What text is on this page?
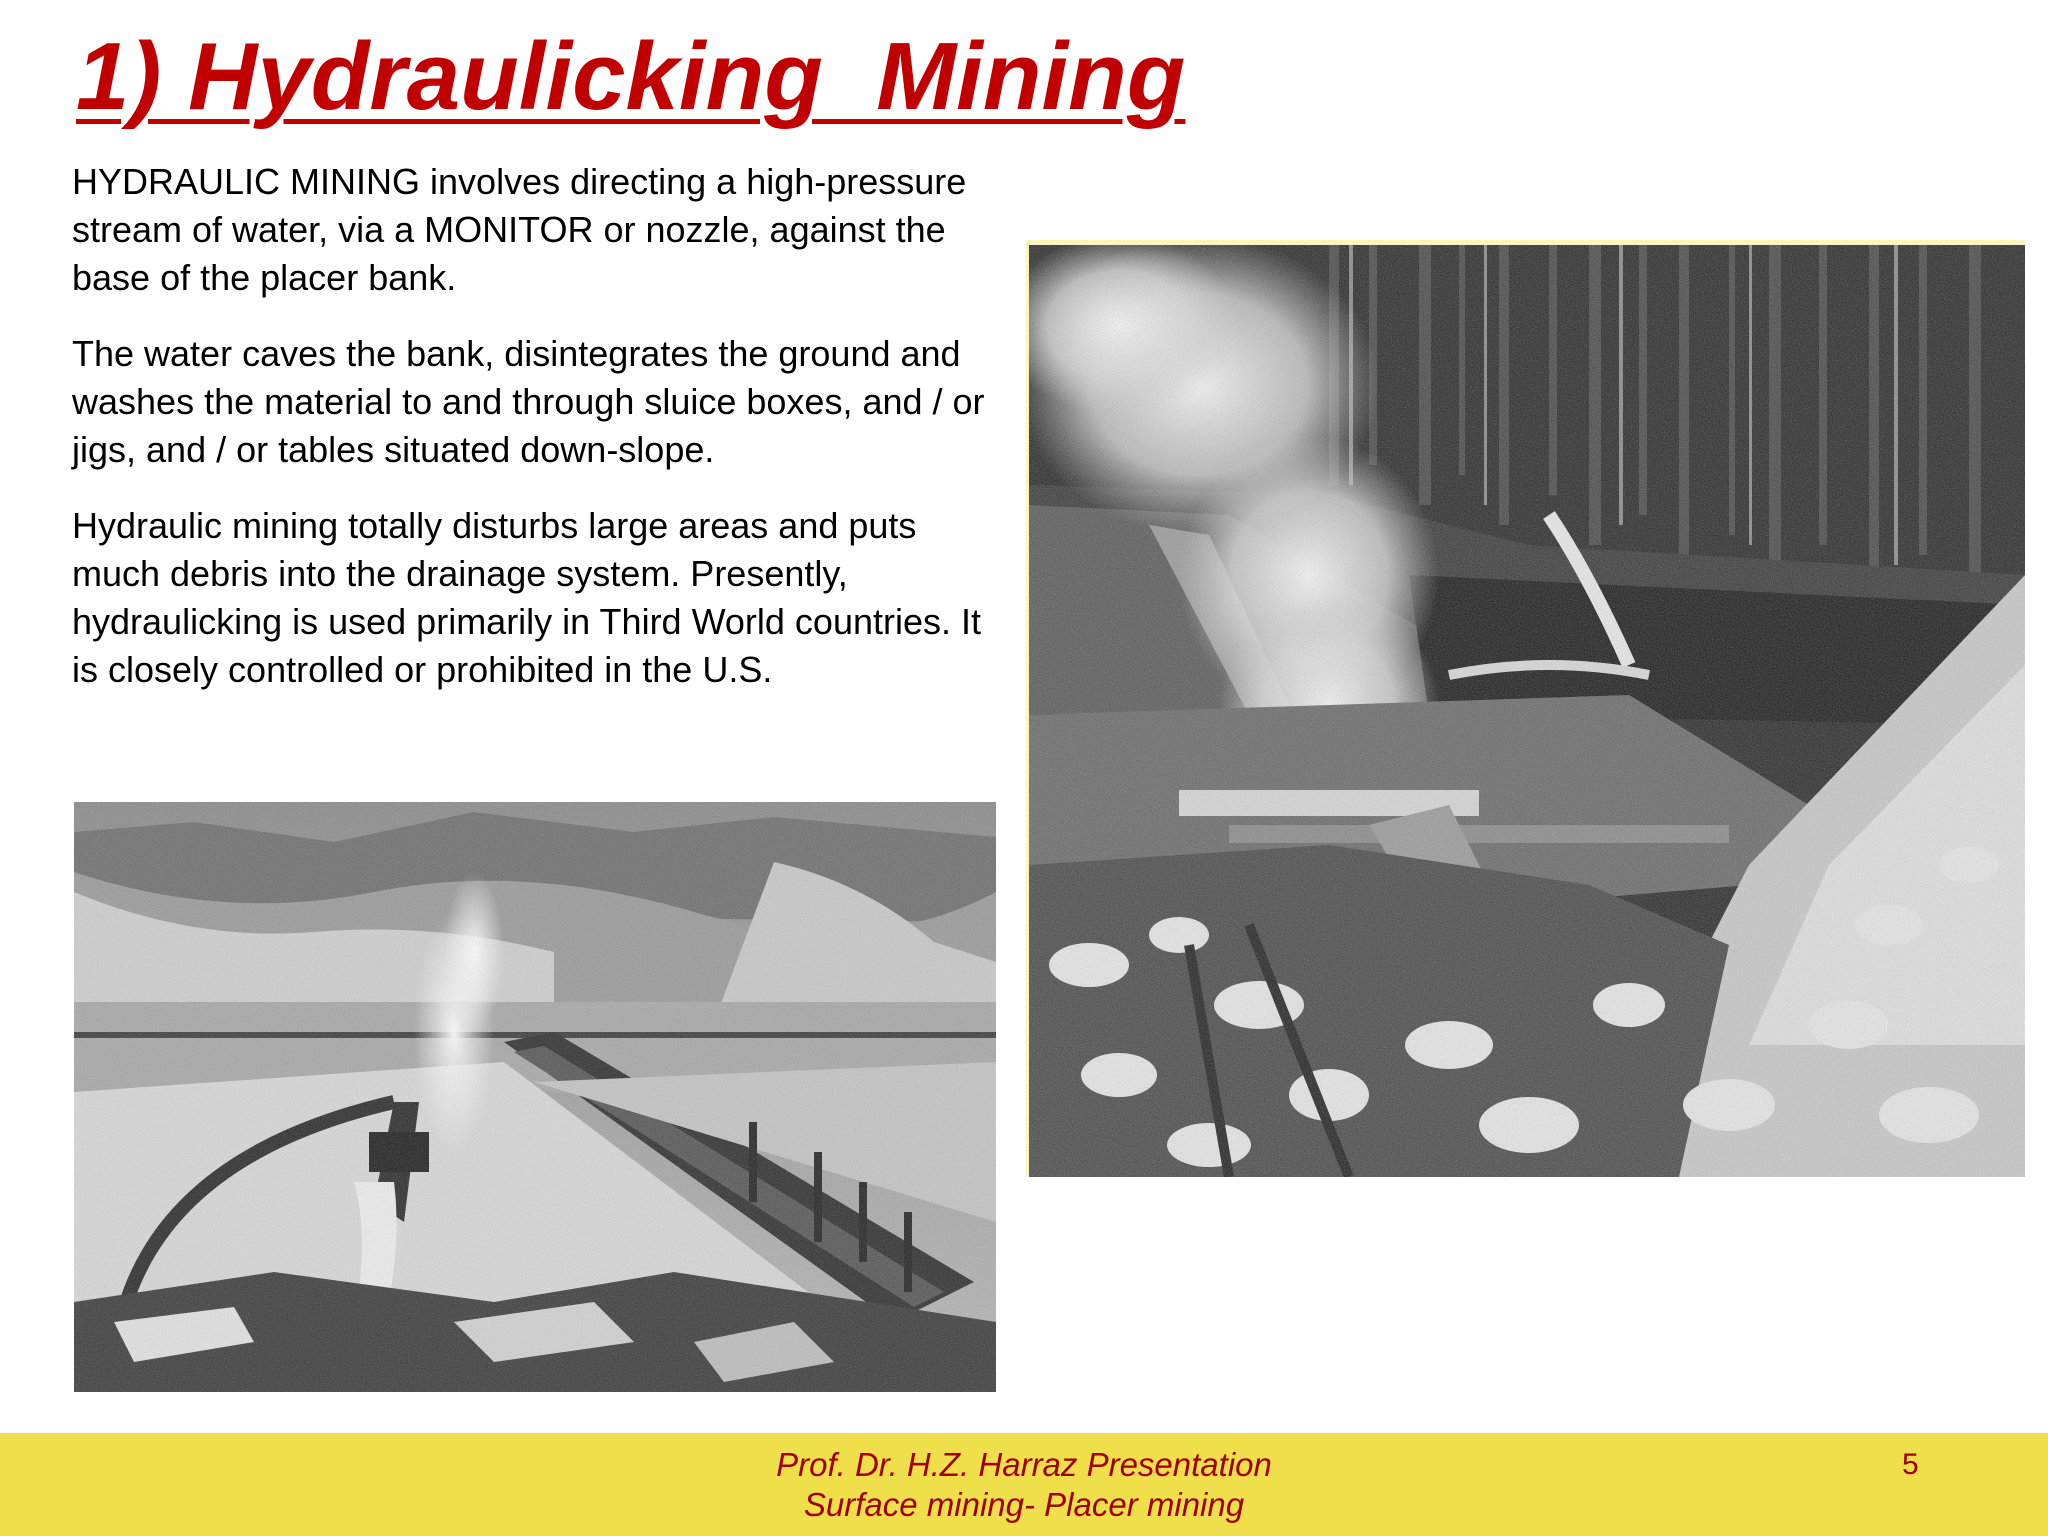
1) Hydraulicking  Mining

HYDRAULIC MINING involves directing a high-pressure stream of water, via a MONITOR or nozzle, against the base of the placer bank.

The water caves the bank, disintegrates the ground and washes the material to and through sluice boxes, and / or jigs, and / or tables situated down-slope.

Hydraulic mining totally disturbs large areas and puts much debris into the drainage system. Presently, hydraulicking is used primarily in Third World countries. It is closely controlled or prohibited in the U.S.

Prof. Dr. H.Z. Harraz Presentation
Surface mining- Placer mining
5
